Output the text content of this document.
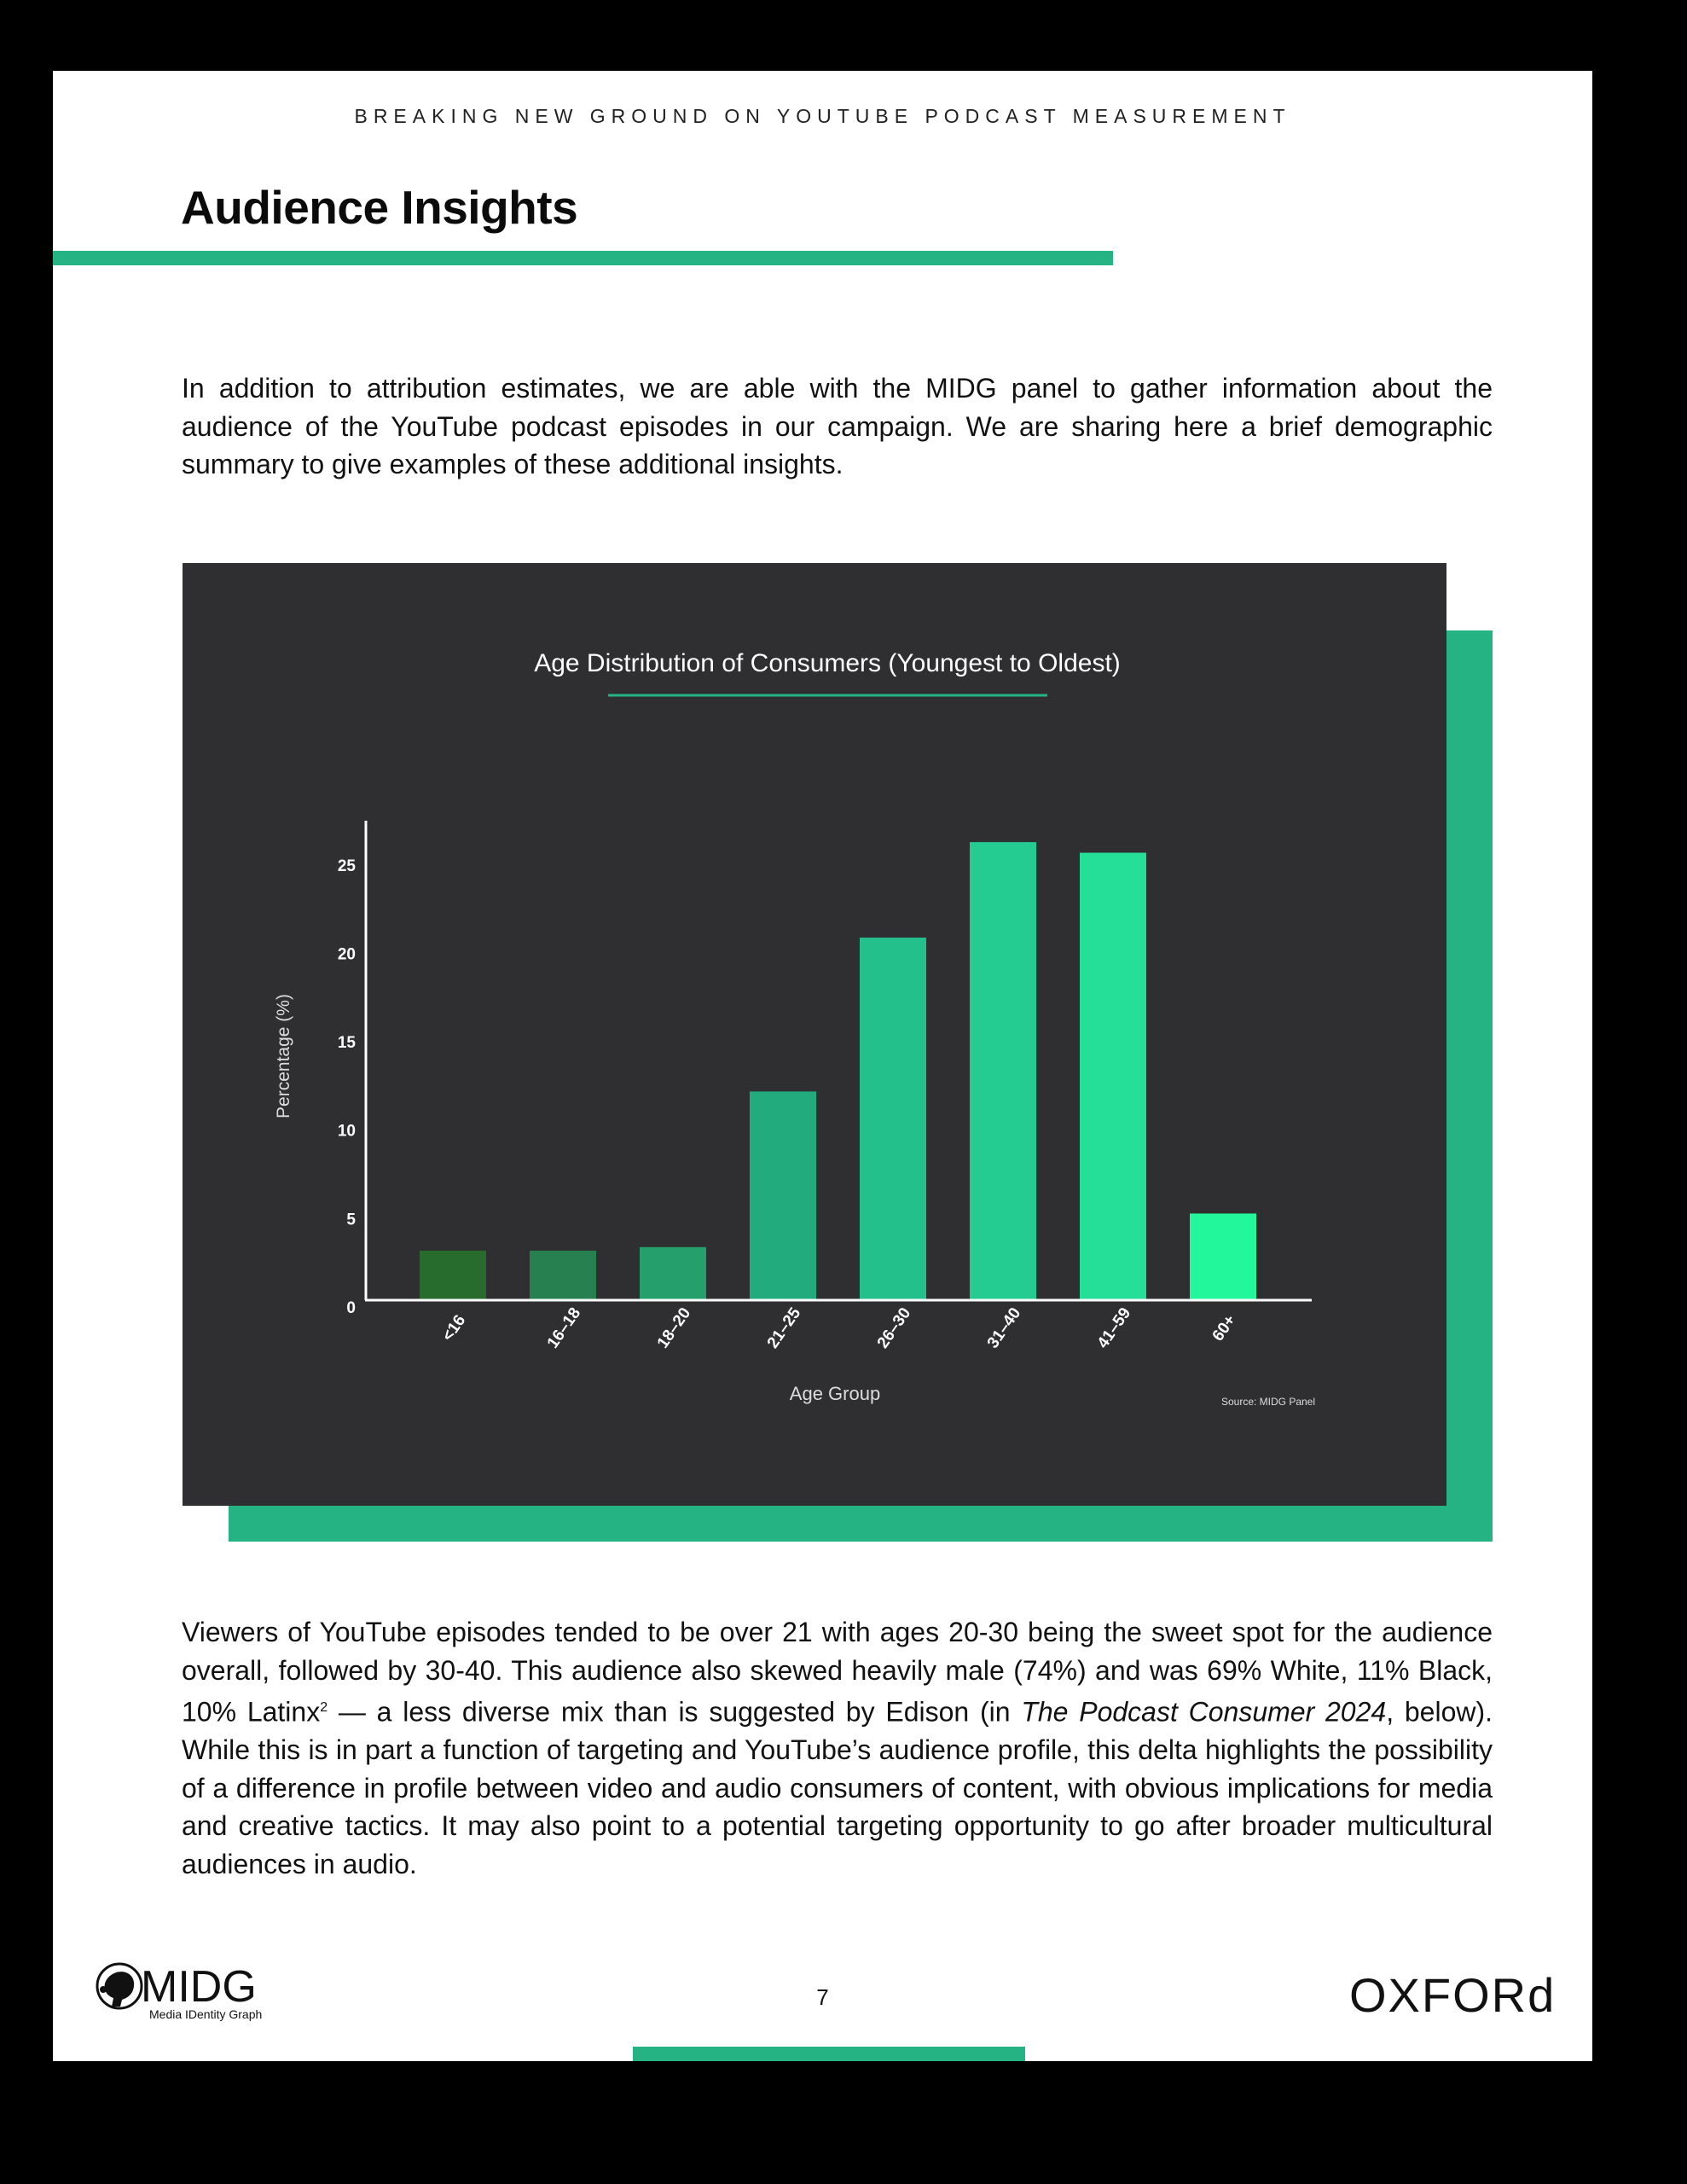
BREAKING NEW GROUND ON YOUTUBE PODCAST MEASUREMENT
Audience Insights

In addition to attribution estimates, we are able with the MIDG panel to gather information about the audience of the YouTube podcast episodes in our campaign. We are sharing here a brief demographic summary to give examples of these additional insights.

Age Distribution of Consumers (Youngest to Oldest)
Percentage (%)
Age Group	Source: MIDG Panel
0
5
10
15
20
25
<16	16–18	18–20	21–25	26–30	31–40	41–59	60+

Viewers of YouTube episodes tended to be over 21 with ages 20-30 being the sweet spot for the audience overall, followed by 30-40. This audience also skewed heavily male (74%) and was 69% White, 11% Black, 10% Latinx$^2$ — a less diverse mix than is suggested by Edison (in The Podcast Consumer 2024, below). While this is in part a function of targeting and YouTube’s audience profile, this delta highlights the possibility of a difference in profile between video and audio consumers of content, with obvious implications for media and creative tactics. It may also point to a potential targeting opportunity to go after broader multicultural audiences in audio.

MIDG
Media IDentity Graph
7	OXFORd
